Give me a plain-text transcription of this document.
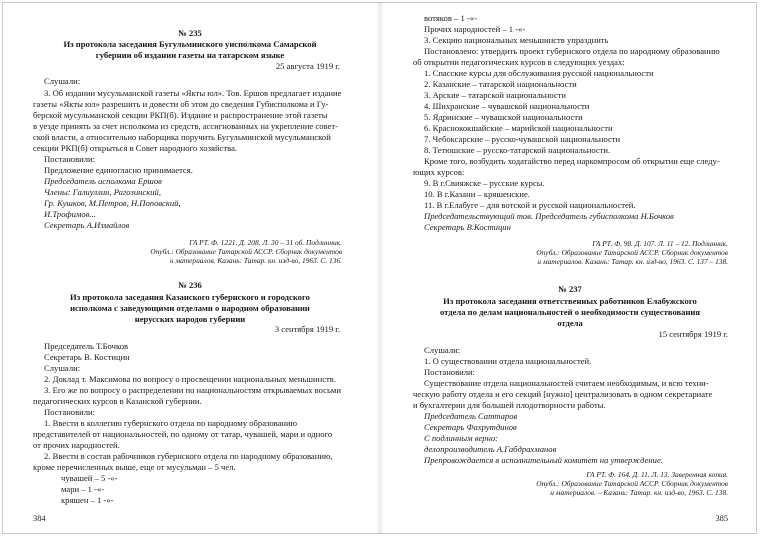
№ 235
Из протокола заседания Бугульминского уисполкома Самарской
губернии об издании газеты на татарском языке
25 августа 1919 г.
Слушали:
3. Об издании мусульманской газеты «Якты юл». Тов. Ершов предлагает издание
газеты «Якты юл» разрешить и довести об этом до сведения Губисполкома и Гу-
берской мусульманской секции РКП(б). Издание и распространение этой газеты
в уезде принять за счет исполкома из средств, ассигнованных на укрепление совет-
ской власти, а относительно наборщика поручить Бугульминской мусульманской
секции РКП(б) открыться в Совет народного хозяйства.
Постановили:
Предложение единогласно принимается.
Председатель исполкома Ершов
Члены: Галиуллин, Рагозинский,
Гр. Кушков, М.Петров, Н.Поповский,
И.Трофимов...
Секретарь А.Измайлов
ГА РТ. Ф. 1221. Д. 208. Л. 30 – 31 об. Подлинник.
Опубл.: Образование Татарской АССР. Сборник документов
и материалов. Казань: Татар. кн. изд-во, 1963. С. 136.
№ 236
Из протокола заседания Казанского губернского и городского
исполкома с заведующими отделами о народном образовании
нерусских народов губернии
3 сентября 1919 г.
Председатель Т.Бочков
Секретарь В. Костицин
Слушали:
2. Доклад т. Максимова по вопросу о просвещении национальных меньшинств.
3. Его же по вопросу о распределении по национальностям открываемых восьми
педагогических курсов в Казанской губернии.
Постановили:
1. Ввести в коллегию губернского отдела по народному образованию
представителей от национальностей, по одному от татар, чувашей, мари и одного
от прочих народностей.
2. Ввести в состав рабочников губернского отдела по народному образованию,
кроме перечисленных выше, еще от мусульман – 5 чел.
чувашей – 5 -«-
мари – 1 -«-
кряшен – 1 -«-
384
вотяков – 1 -«-
Прочих народностей – 1 -«-
3. Секцию национальных меньшинств упразднить
Постановлено: утвердить проект губернского отдела по народному образованию
об открытии педагогических курсов в следующих уездах:
1. Спасские курсы для обслуживания русской национальности
2. Казанские – татарской национальности
3. Арские – татарской национальности
4. Шихранские – чувашской национальности
5. Ядринские – чувашской национальности
6. Краснококшайские – марийской национальности
7. Чебоксарские – русско-чувашской национальности
8. Тетюшские – русско-татарской национальности.
Кроме того, возбудить ходатайство перед наркомпросом об открытии еще следу-
ющих курсов:
9. В г.Свияжске – русские курсы.
10. В г.Казани – кряшенские.
11. В г.Елабуге – для вотской и русской национальностей.
Председательствующий тов. Председатель губисполкома Н.Бочков
Секретарь В.Костицин
ГА РТ. Ф. 98. Д. 107. Л. 11 – 12. Подлинник.
Опубл.: Образование Татарской АССР. Сборник документов
и материалов. Казань: Татар. кн. изд-во, 1963. С. 137 – 138.
№ 237
Из протокола заседания ответственных работников Елабужского
отдела по делам национальностей о необходимости существования
отдела
15 сентября 1919 г.
Слушали:
1. О существовании отдела национальностей.
Постановили:
Существование отдела национальностей считаем необходимым, и всю техни-
ческую работу отдела и его секций [нужно] централизовать в одном секретариате
и бухгалтерии для большей плодотворности работы.
Председатель Саттаров
Секретарь Фахрутдинов
С подлинным верно:
делопроизводитель А.Габдрахманов
Препровождается в исполнительный комитет на утверждение.
ГА РТ. Ф. 164. Д. 11. Л. 13. Заверенная копия.
Опубл.: Образование Татарской АССР. Сборник документов
и материалов. – Казань: Татар. кн. изд-во, 1963. С. 138.
385
